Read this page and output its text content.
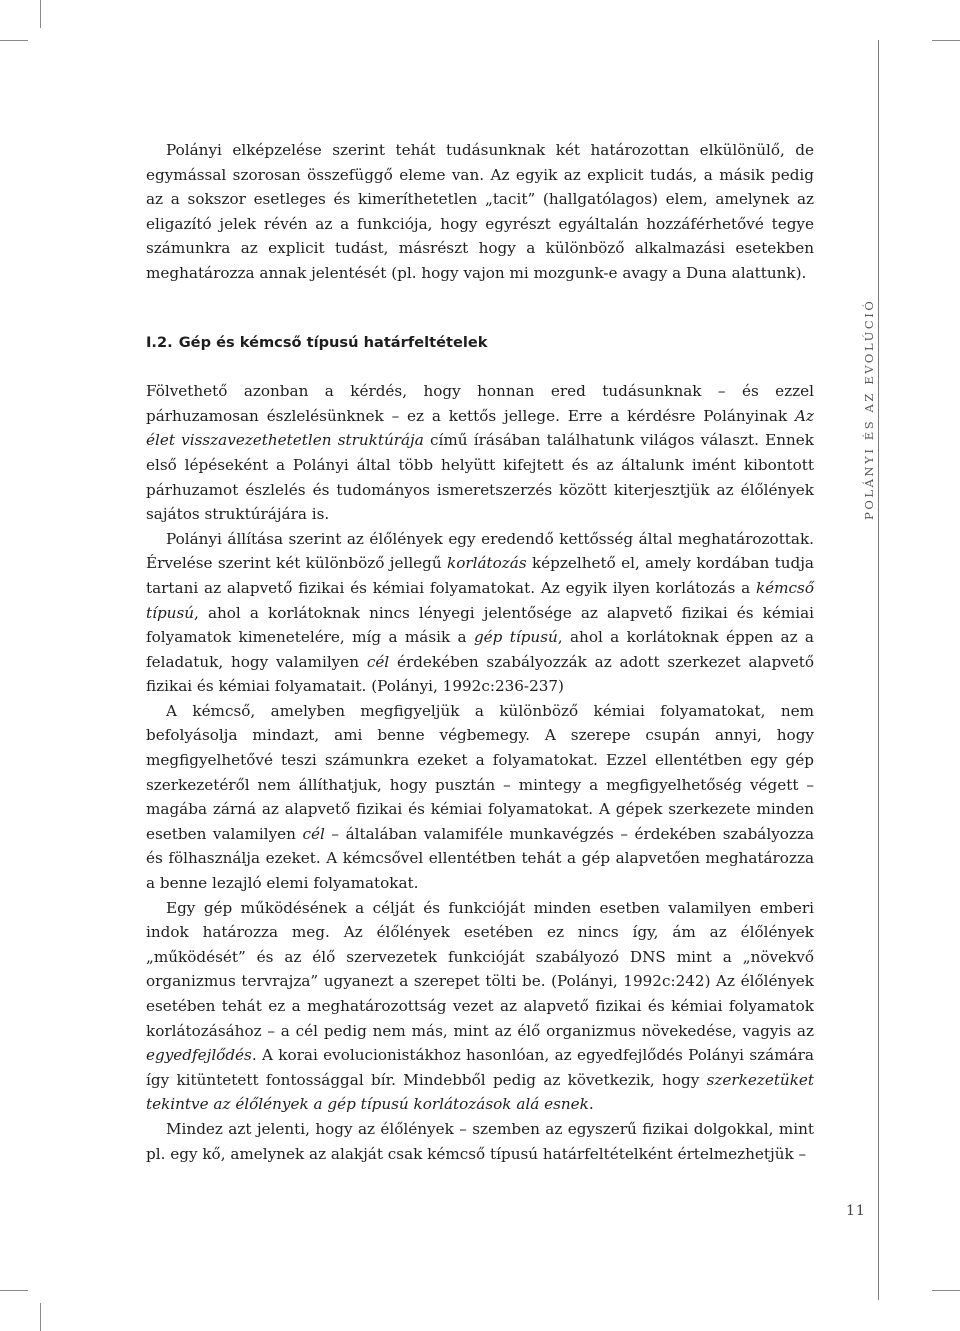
Polányi elképzelése szerint tehát tudásunknak két határozottan elkülönülő, de egymással szorosan összefüggő eleme van. Az egyik az explicit tudás, a másik pedig az a sokszor esetleges és kimeríthetetlen „tacit” (hallgatólagos) elem, amelynek az eligazító jelek révén az a funkciója, hogy egyrészt egyáltalán hozzáférhetővé tegye számunkra az explicit tudást, másrészt hogy a különböző alkalmazási esetekben meghatározza annak jelentését (pl. hogy vajon mi mozgunk-e avagy a Duna alattunk).

I.2. Gép és kémcső típusú határfeltételek

Fölvethető azonban a kérdés, hogy honnan ered tudásunknak – és ezzel párhuzamosan észlelésünknek – ez a kettős jellege. Erre a kérdésre Polányinak Az élet visszavezethetetlen struktúrája című írásában találhatunk világos választ. Ennek első lépéseként a Polányi által több helyütt kifejtett és az általunk imént kibontott párhuzamot észlelés és tudományos ismeretszerzés között kiterjesztjük az élőlények sajátos struktúrájára is.

Polányi állítása szerint az élőlények egy eredendő kettősség által meghatározottak. Érvelése szerint két különböző jellegű korlátozás képzelhető el, amely kordában tudja tartani az alapvető fizikai és kémiai folyamatokat. Az egyik ilyen korlátozás a kémcső típusú, ahol a korlátoknak nincs lényegi jelentősége az alapvető fizikai és kémiai folyamatok kimenetelére, míg a másik a gép típusú, ahol a korlátoknak éppen az a feladatuk, hogy valamilyen cél érdekében szabályozzák az adott szerkezet alapvető fizikai és kémiai folyamatait. (Polányi, 1992c:236-237)

A kémcső, amelyben megfigyeljük a különböző kémiai folyamatokat, nem befolyásolja mindazt, ami benne végbemegy. A szerepe csupán annyi, hogy megfigyelhetővé teszi számunkra ezeket a folyamatokat. Ezzel ellentétben egy gép szerkezetéről nem állíthatjuk, hogy pusztán – mintegy a megfigyelhetőség végett – magába zárná az alapvető fizikai és kémiai folyamatokat. A gépek szerkezete minden esetben valamilyen cél – általában valamiféle munkavégzés – érdekében szabályozza és fölhasználja ezeket. A kémcsővel ellentétben tehát a gép alapvetően meghatározza a benne lezajló elemi folyamatokat.

Egy gép működésének a célját és funkcióját minden esetben valamilyen emberi indok határozza meg. Az élőlények esetében ez nincs így, ám az élőlények „működését” és az élő szervezetek funkcióját szabályozó DNS mint a „növekvő organizmus tervrajza” ugyanezt a szerepet tölti be. (Polányi, 1992c:242) Az élőlények esetében tehát ez a meghatározottság vezet az alapvető fizikai és kémiai folyamatok korlátozásához – a cél pedig nem más, mint az élő organizmus növekedése, vagyis az egyedfejlődés. A korai evolucionistákhoz hasonlóan, az egyedfejlődés Polányi számára így kitüntetett fontossággal bír. Mindebből pedig az következik, hogy szerkezetüket tekintve az élőlények a gép típusú korlátozások alá esnek.

Mindez azt jelenti, hogy az élőlények – szemben az egyszerű fizikai dolgokkal, mint pl. egy kő, amelynek az alakját csak kémcső típusú határfeltételként értelmezhetjük –

POLÁNYI ÉS AZ EVOLÚCIÓ
11
